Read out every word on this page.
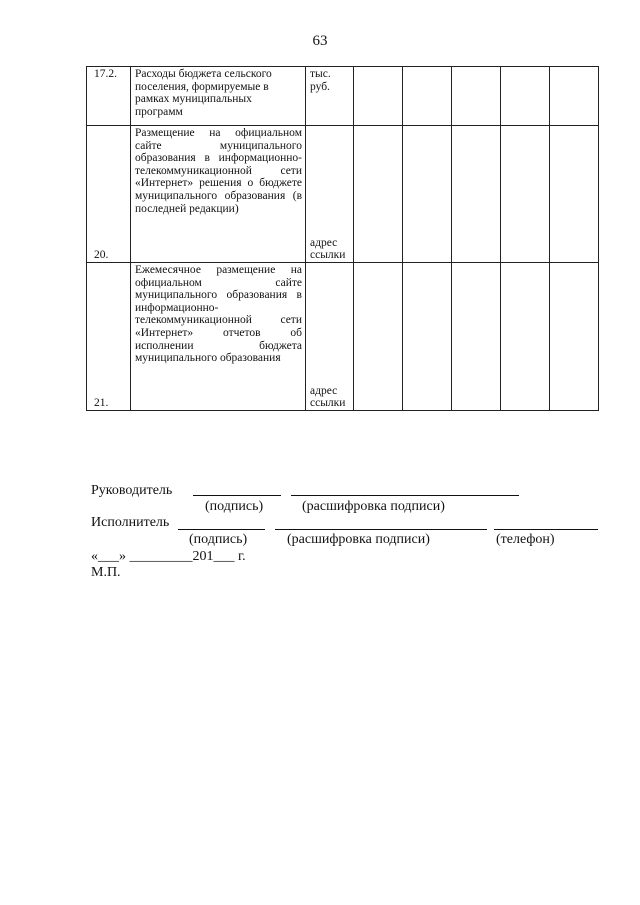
63
17.2.	Расходы бюджета сельского поселения, формируемые в рамках муниципальных программ	тыс. руб.					
20.	Размещение на официальном сайте муниципального образования в информационно-телекоммуникационной сети «Интернет» решения о бюджете муниципального образования (в последней редакции)	адрес ссылки					
21.	Ежемесячное размещение на официальном сайте муниципального образования в информационно-телекоммуникационной сети «Интернет» отчетов об исполнении бюджета муниципального образования	адрес ссылки					
Руководитель
(подпись)	(расшифровка подписи)
Исполнитель
(подпись)	(расшифровка подписи)	(телефон)
«___» _________201___ г.
М.П.
